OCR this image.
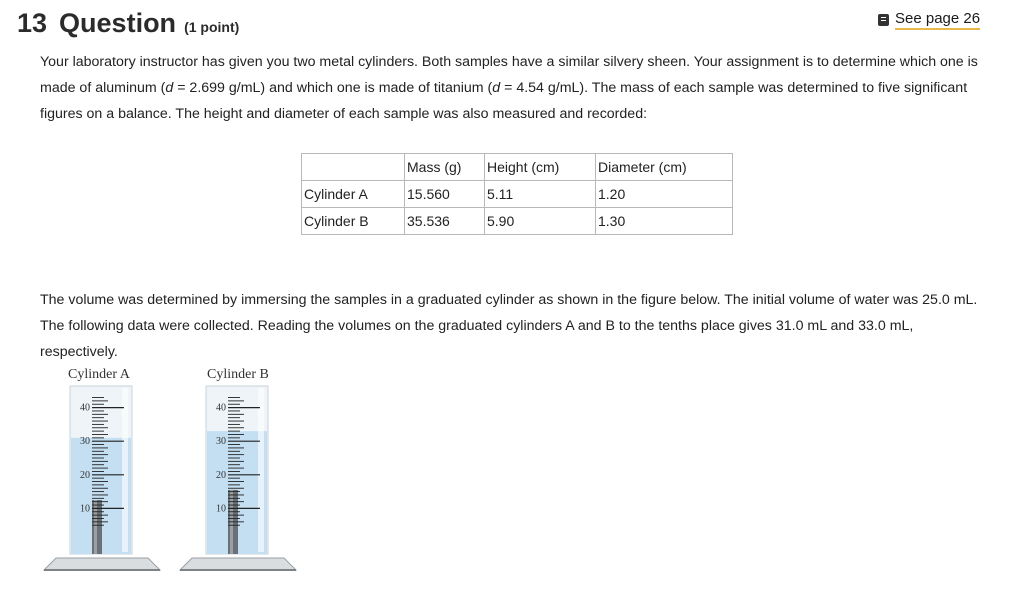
13 Question (1 point)	See page 26
Your laboratory instructor has given you two metal cylinders. Both samples have a similar silvery sheen. Your assignment is to determine which one is
made of aluminum (d = 2.699 g/mL) and which one is made of titanium (d = 4.54 g/mL). The mass of each sample was determined to five significant
figures on a balance. The height and diameter of each sample was also measured and recorded:
	Mass (g)	Height (cm)	Diameter (cm)
Cylinder A	15.560	5.11	1.20
Cylinder B	35.536	5.90	1.30
The volume was determined by immersing the samples in a graduated cylinder as shown in the figure below. The initial volume of water was 25.0 mL.
The following data were collected. Reading the volumes on the graduated cylinders A and B to the tenths place gives 31.0 mL and 33.0 mL,
respectively.
Cylinder A	Cylinder B
40
30
20
10
40
30
20
10
